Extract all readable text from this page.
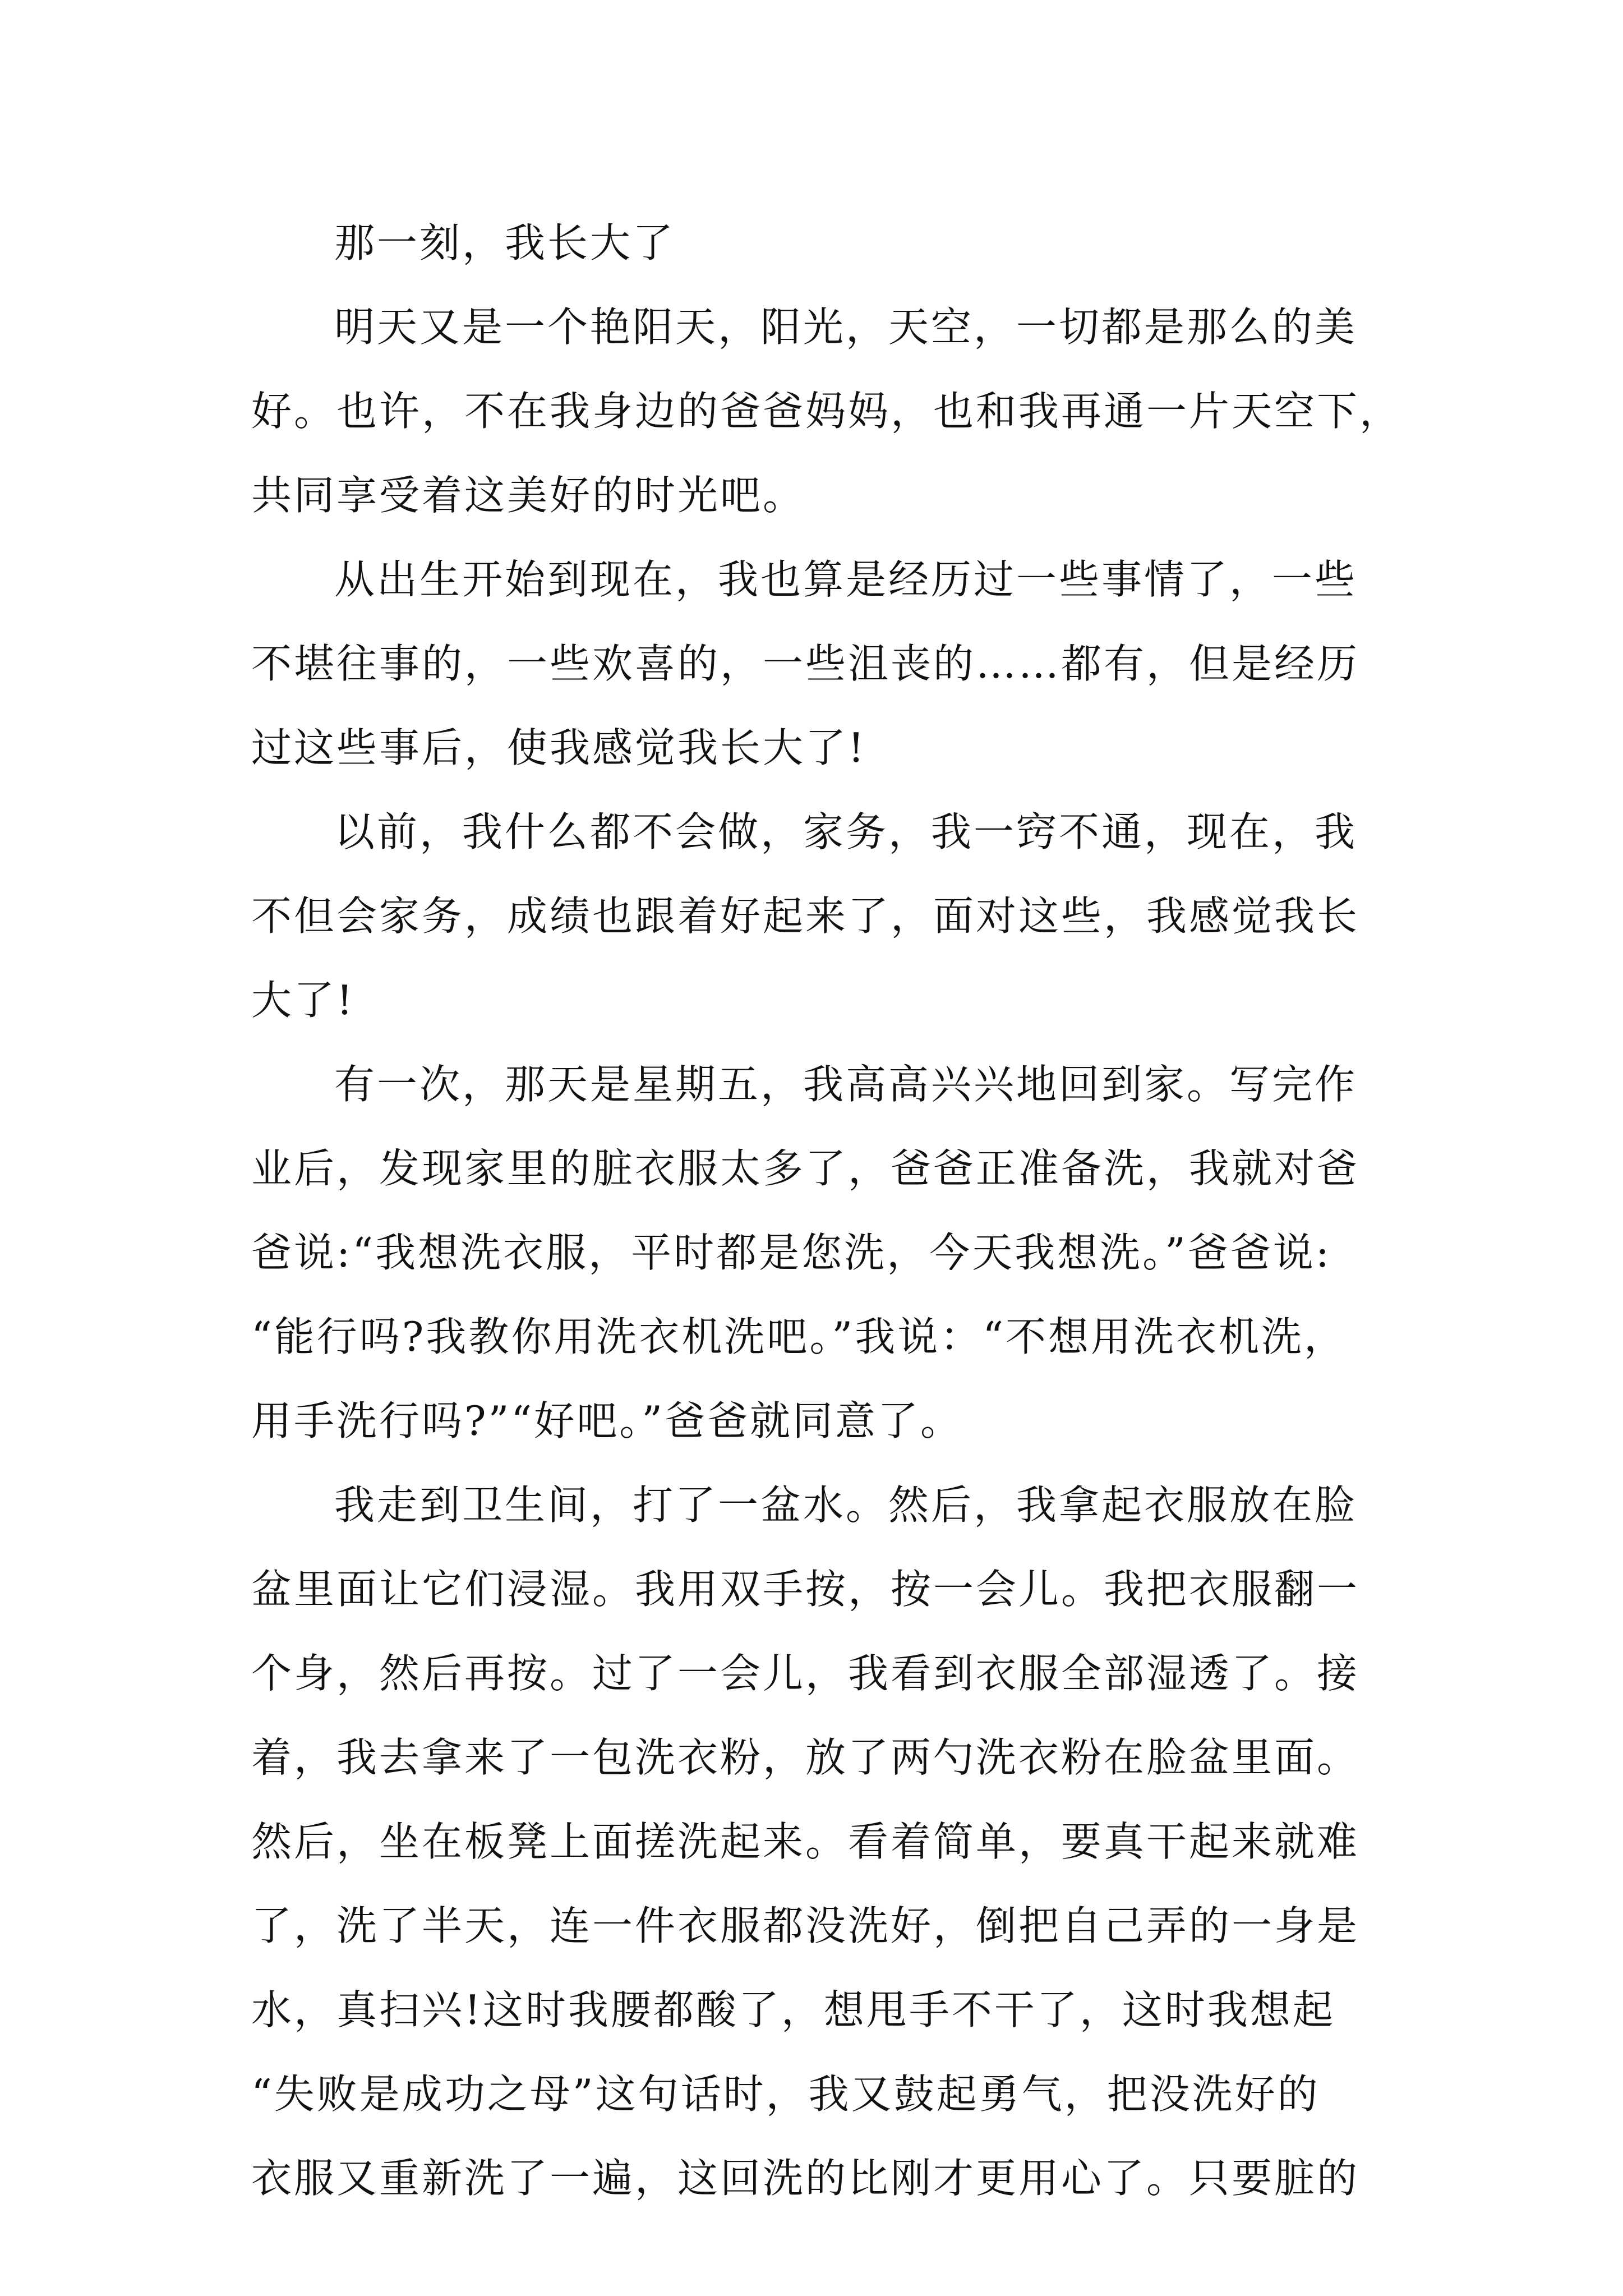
那一刻，我长大了
明天又是一个艳阳天，阳光，天空，一切都是那么的美
好。也许，不在我身边的爸爸妈妈，也和我再通一片天空下，
共同享受着这美好的时光吧。
从出生开始到现在，我也算是经历过一些事情了，一些
不堪往事的，一些欢喜的，一些沮丧的……都有，但是经历
过这些事后，使我感觉我长大了!
以前，我什么都不会做，家务，我一窍不通，现在，我
不但会家务，成绩也跟着好起来了，面对这些，我感觉我长
大了!
有一次，那天是星期五，我高高兴兴地回到家。写完作
业后，发现家里的脏衣服太多了，爸爸正准备洗，我就对爸
爸说:“我想洗衣服，平时都是您洗，今天我想洗。”爸爸说:
“能行吗?我教你用洗衣机洗吧。”我说：“不想用洗衣机洗，
用手洗行吗?”“好吧。”爸爸就同意了。
我走到卫生间，打了一盆水。然后，我拿起衣服放在脸
盆里面让它们浸湿。我用双手按，按一会儿。我把衣服翻一
个身，然后再按。过了一会儿，我看到衣服全部湿透了。接
着，我去拿来了一包洗衣粉，放了两勺洗衣粉在脸盆里面。
然后，坐在板凳上面搓洗起来。看着简单，要真干起来就难
了，洗了半天，连一件衣服都没洗好，倒把自己弄的一身是
水，真扫兴!这时我腰都酸了，想甩手不干了，这时我想起
“失败是成功之母”这句话时，我又鼓起勇气，把没洗好的
衣服又重新洗了一遍，这回洗的比刚才更用心了。只要脏的
